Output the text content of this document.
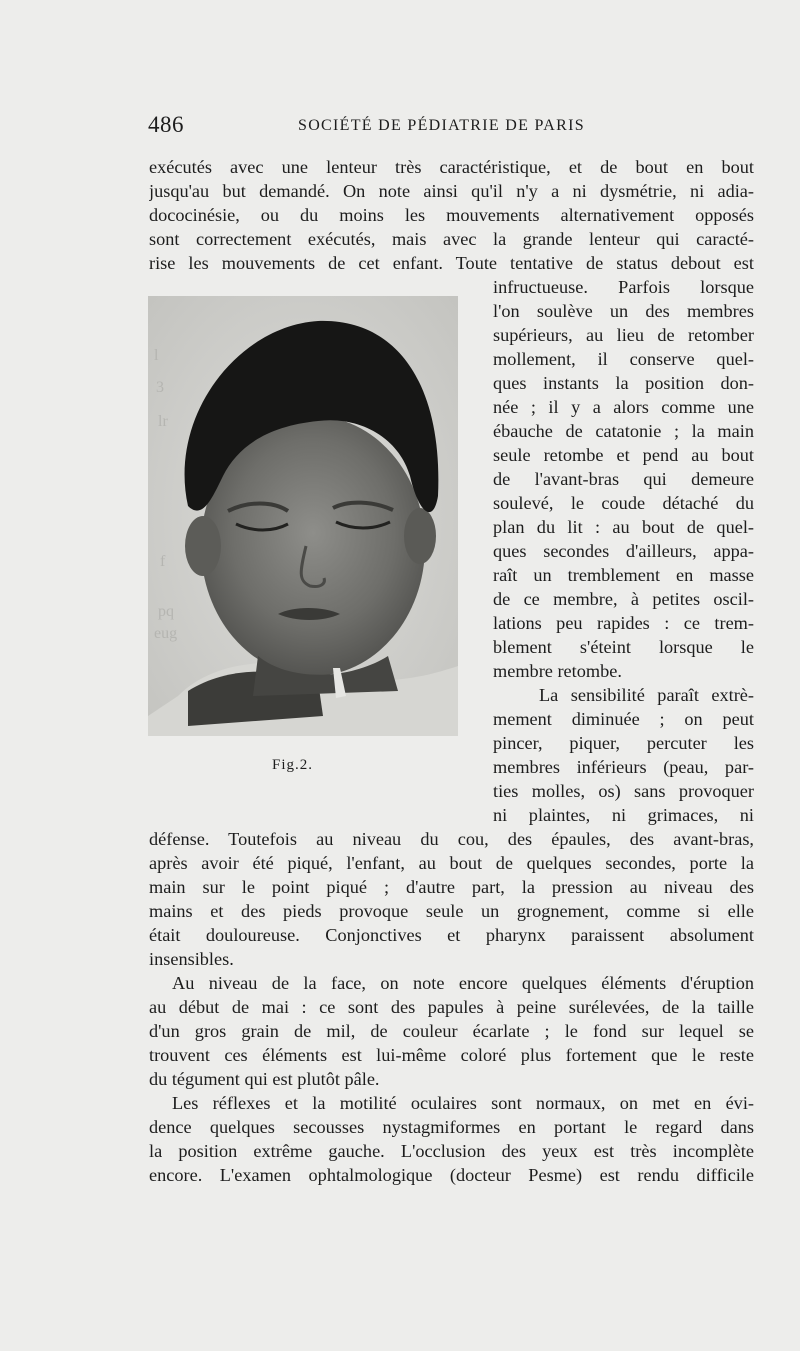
486	SOCIÉTÉ DE PÉDIATRIE DE PARIS
exécutés avec une lenteur très caractéristique, et de bout en bout
jusqu'au but demandé. On note ainsi qu'il n'y a ni dysmétrie, ni adia-
dococinésie, ou du moins les mouvements alternativement opposés
sont correctement exécutés, mais avec la grande lenteur qui caracté-
rise les mouvements de cet enfant. Toute tentative de status debout est
l
3
lr
f
pq
eug
infructueuse. Parfois lorsque
l'on soulève un des membres
supérieurs, au lieu de retomber
mollement, il conserve quel-
ques instants la position don-
née ; il y a alors comme une
ébauche de catatonie ; la main
seule retombe et pend au bout
de l'avant-bras qui demeure
soulevé, le coude détaché du
plan du lit : au bout de quel-
ques secondes d'ailleurs, appa-
raît un tremblement en masse
de ce membre, à petites oscil-
lations peu rapides : ce trem-
blement s'éteint lorsque le
membre retombe.
La sensibilité paraît extrè-
mement diminuée ; on peut
pincer, piquer, percuter les
membres inférieurs (peau, par-
ties molles, os) sans provoquer
ni plaintes, ni grimaces, ni
Fig.2.
défense. Toutefois au niveau du cou, des épaules, des avant-bras,
après avoir été piqué, l'enfant, au bout de quelques secondes, porte la
main sur le point piqué ; d'autre part, la pression au niveau des
mains et des pieds provoque seule un grognement, comme si elle
était douloureuse. Conjonctives et pharynx paraissent absolument
insensibles.
Au niveau de la face, on note encore quelques éléments d'éruption
au début de mai : ce sont des papules à peine surélevées, de la taille
d'un gros grain de mil, de couleur écarlate ; le fond sur lequel se
trouvent ces éléments est lui-même coloré plus fortement que le reste
du tégument qui est plutôt pâle.
Les réflexes et la motilité oculaires sont normaux, on met en évi-
dence quelques secousses nystagmiformes en portant le regard dans
la position extrême gauche. L'occlusion des yeux est très incomplète
encore. L'examen ophtalmologique (docteur Pesme) est rendu difficile
